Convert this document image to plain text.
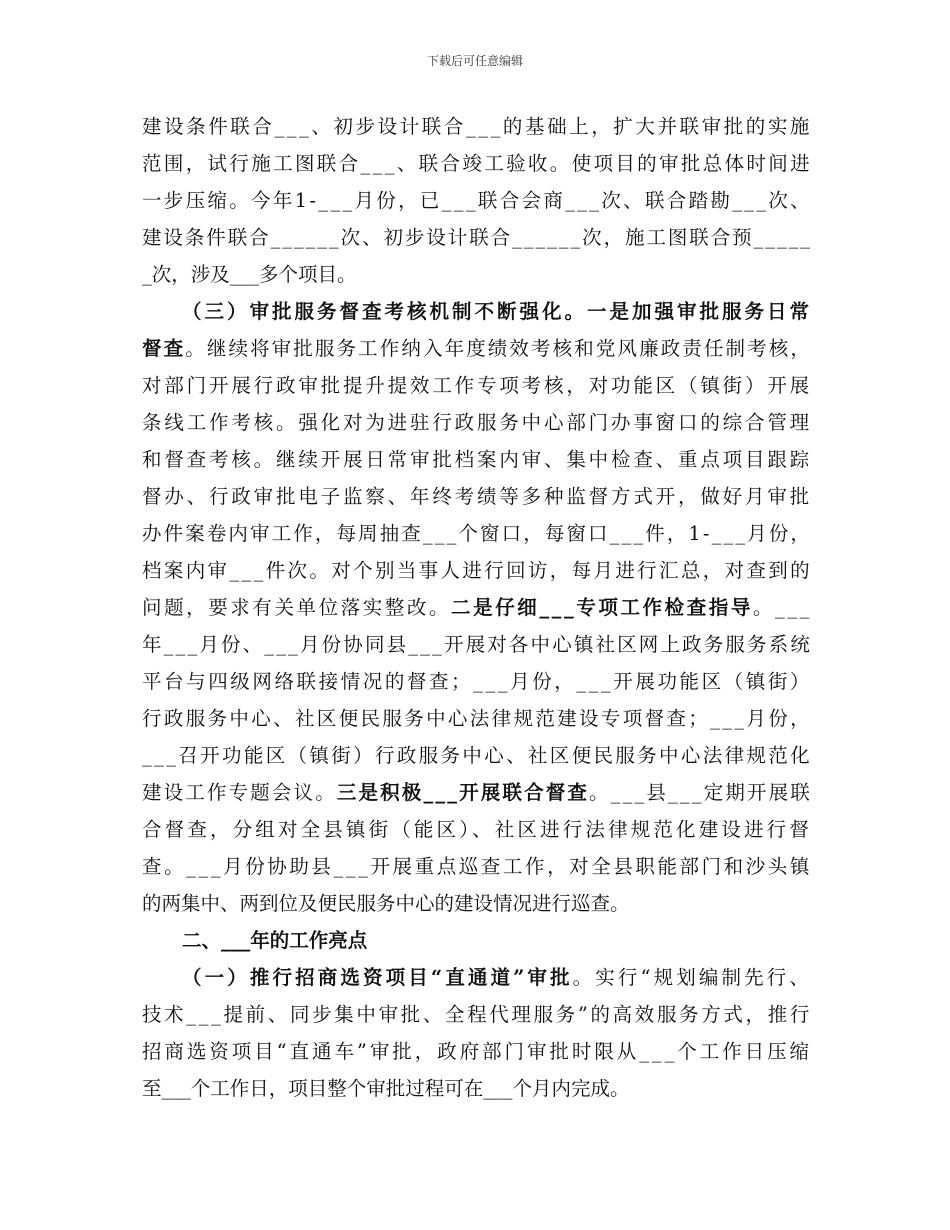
下载后可任意编辑
建设条件联合___、初步设计联合___的基础上，扩大并联审批的实施
范围，试行施工图联合___、联合竣工验收。使项目的审批总体时间进
一步压缩。今年1-___月份，已___联合会商___次、联合踏勘___次、
建设条件联合______次、初步设计联合______次，施工图联合预_____
_次，涉及___多个项目。
（三）审批服务督查考核机制不断强化。一是加强审批服务日常
督查。继续将审批服务工作纳入年度绩效考核和党风廉政责任制考核，
对部门开展行政审批提升提效工作专项考核，对功能区（镇街）开展
条线工作考核。强化对为进驻行政服务中心部门办事窗口的综合管理
和督查考核。继续开展日常审批档案内审、集中检查、重点项目跟踪
督办、行政审批电子监察、年终考绩等多种监督方式开，做好月审批
办件案卷内审工作，每周抽查___个窗口，每窗口___件，1-___月份，
档案内审___件次。对个别当事人进行回访，每月进行汇总，对查到的
问题，要求有关单位落实整改。二是仔细___专项工作检查指导。___
年___月份、___月份协同县___开展对各中心镇社区网上政务服务系统
平台与四级网络联接情况的督查；___月份，___开展功能区（镇街）
行政服务中心、社区便民服务中心法律规范建设专项督查；___月份，
___召开功能区（镇街）行政服务中心、社区便民服务中心法律规范化
建设工作专题会议。三是积极___开展联合督查。___县___定期开展联
合督查，分组对全县镇街（能区）、社区进行法律规范化建设进行督
查。___月份协助县___开展重点巡查工作，对全县职能部门和沙头镇
的两集中、两到位及便民服务中心的建设情况进行巡查。
二、___年的工作亮点
（一）推行招商选资项目“直通道”审批。实行“规划编制先行、
技术___提前、同步集中审批、全程代理服务”的高效服务方式，推行
招商选资项目“直通车”审批，政府部门审批时限从___个工作日压缩
至___个工作日，项目整个审批过程可在___个月内完成。
